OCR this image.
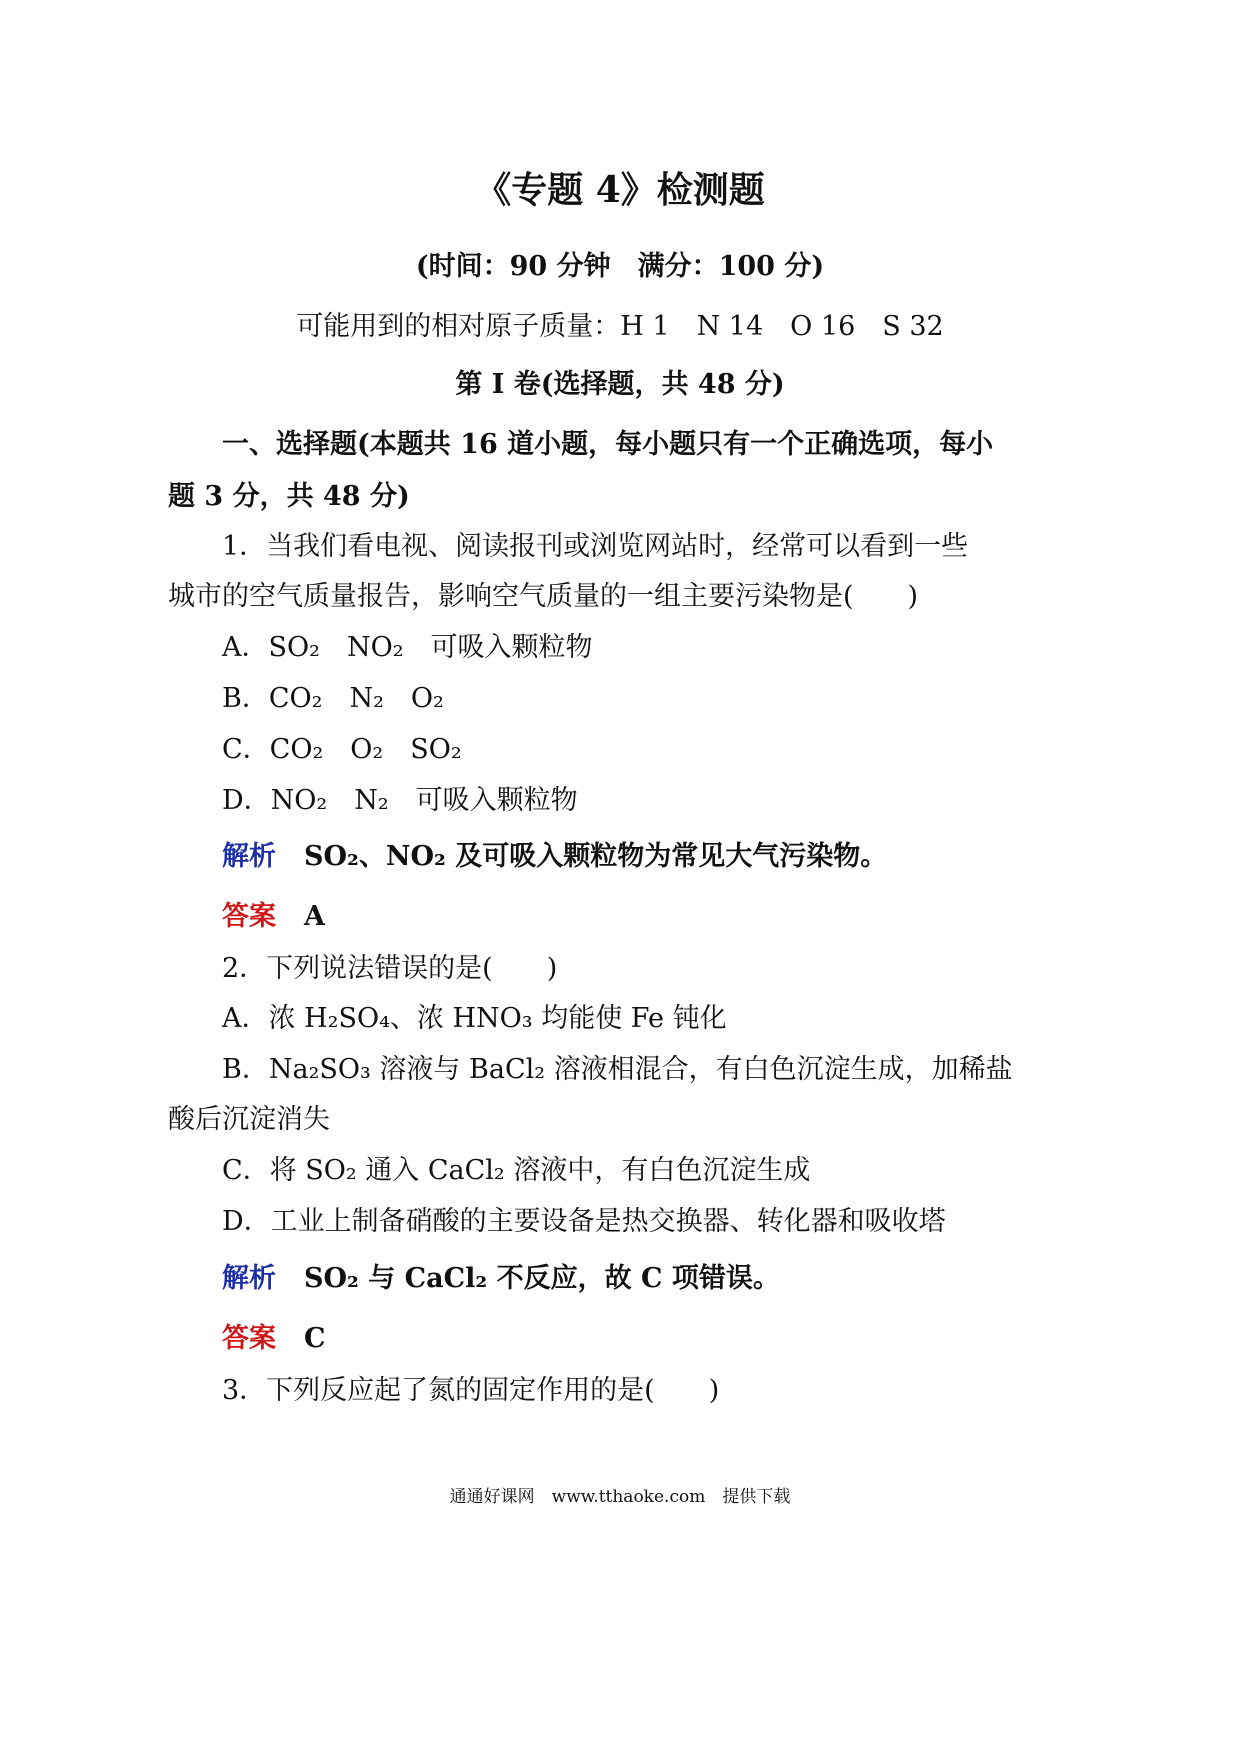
《专题 4》检测题
(时间：90 分钟　满分：100 分)
可能用到的相对原子质量：H 1　N 14　O 16　S 32
第 I 卷(选择题，共 48 分)
一、选择题(本题共 16 道小题，每小题只有一个正确选项，每小
题 3 分，共 48 分)
1．当我们看电视、阅读报刊或浏览网站时，经常可以看到一些
城市的空气质量报告，影响空气质量的一组主要污染物是(　　)
A．SO₂　NO₂　可吸入颗粒物
B．CO₂　N₂　O₂
C．CO₂　O₂　SO₂
D．NO₂　N₂　可吸入颗粒物
解析 SO₂、NO₂ 及可吸入颗粒物为常见大气污染物。
答案 A
2．下列说法错误的是(　　)
A．浓 H₂SO₄、浓 HNO₃ 均能使 Fe 钝化
B．Na₂SO₃ 溶液与 BaCl₂ 溶液相混合，有白色沉淀生成，加稀盐
酸后沉淀消失
C．将 SO₂ 通入 CaCl₂ 溶液中，有白色沉淀生成
D．工业上制备硝酸的主要设备是热交换器、转化器和吸收塔
解析 SO₂ 与 CaCl₂ 不反应，故 C 项错误。
答案 C
3．下列反应起了氮的固定作用的是(　　)
通通好课网　www.tthaoke.com　提供下载
